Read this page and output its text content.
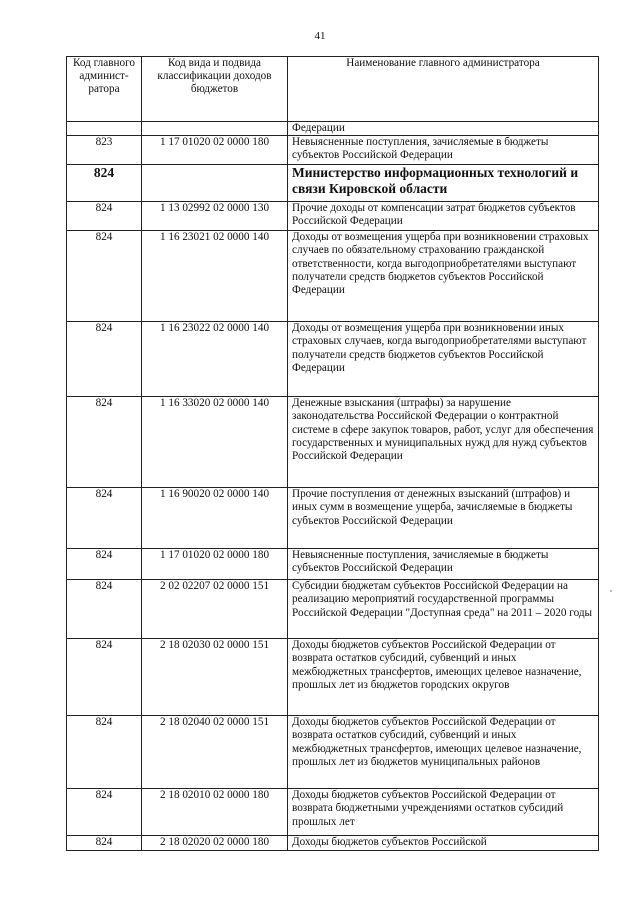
41
Код главного админист-ратора	Код вида и подвида классификации доходов бюджетов	Наименование главного администратора
		Федерации
823	1 17 01020 02 0000 180	Невыясненные поступления, зачисляемые в бюджеты субъектов Российской Федерации
824		Министерство информационных технологий и связи Кировской области
824	1 13 02992 02 0000 130	Прочие доходы от компенсации затрат бюджетов субъектов Российской Федерации
824	1 16 23021 02 0000 140	Доходы от возмещения ущерба при возникновении страховых случаев по обязательному страхованию гражданской ответственности, когда выгодоприобретателями выступают получатели средств бюджетов субъектов Российской Федерации
824	1 16 23022 02 0000 140	Доходы от возмещения ущерба при возникновении иных страховых случаев, когда выгодоприобретателями выступают получатели средств бюджетов субъектов Российской Федерации
824	1 16 33020 02 0000 140	Денежные взыскания (штрафы) за нарушение законодательства Российской Федерации о контрактной системе в сфере закупок товаров, работ, услуг для обеспечения государственных и муниципальных нужд для нужд субъектов Российской Федерации
824	1 16 90020 02 0000 140	Прочие поступления от денежных взысканий (штрафов) и иных сумм в возмещение ущерба, зачисляемые в бюджеты субъектов Российской Федерации
824	1 17 01020 02 0000 180	Невыясненные поступления, зачисляемые в бюджеты субъектов Российской Федерации
824	2 02 02207 02 0000 151	Субсидии бюджетам субъектов Российской Федерации на реализацию мероприятий государственной программы Российской Федерации "Доступная среда" на 2011 – 2020 годы
824	2 18 02030 02 0000 151	Доходы бюджетов субъектов Российской Федерации от возврата остатков субсидий, субвенций и иных межбюджетных трансфертов, имеющих целевое назначение, прошлых лет из бюджетов городских округов
824	2 18 02040 02 0000 151	Доходы бюджетов субъектов Российской Федерации от возврата остатков субсидий, субвенций и иных межбюджетных трансфертов, имеющих целевое назначение, прошлых лет из бюджетов муниципальных районов
824	2 18 02010 02 0000 180	Доходы бюджетов субъектов Российской Федерации от возврата бюджетными учреждениями остатков субсидий прошлых лет
824	2 18 02020 02 0000 180	Доходы бюджетов субъектов Российской
